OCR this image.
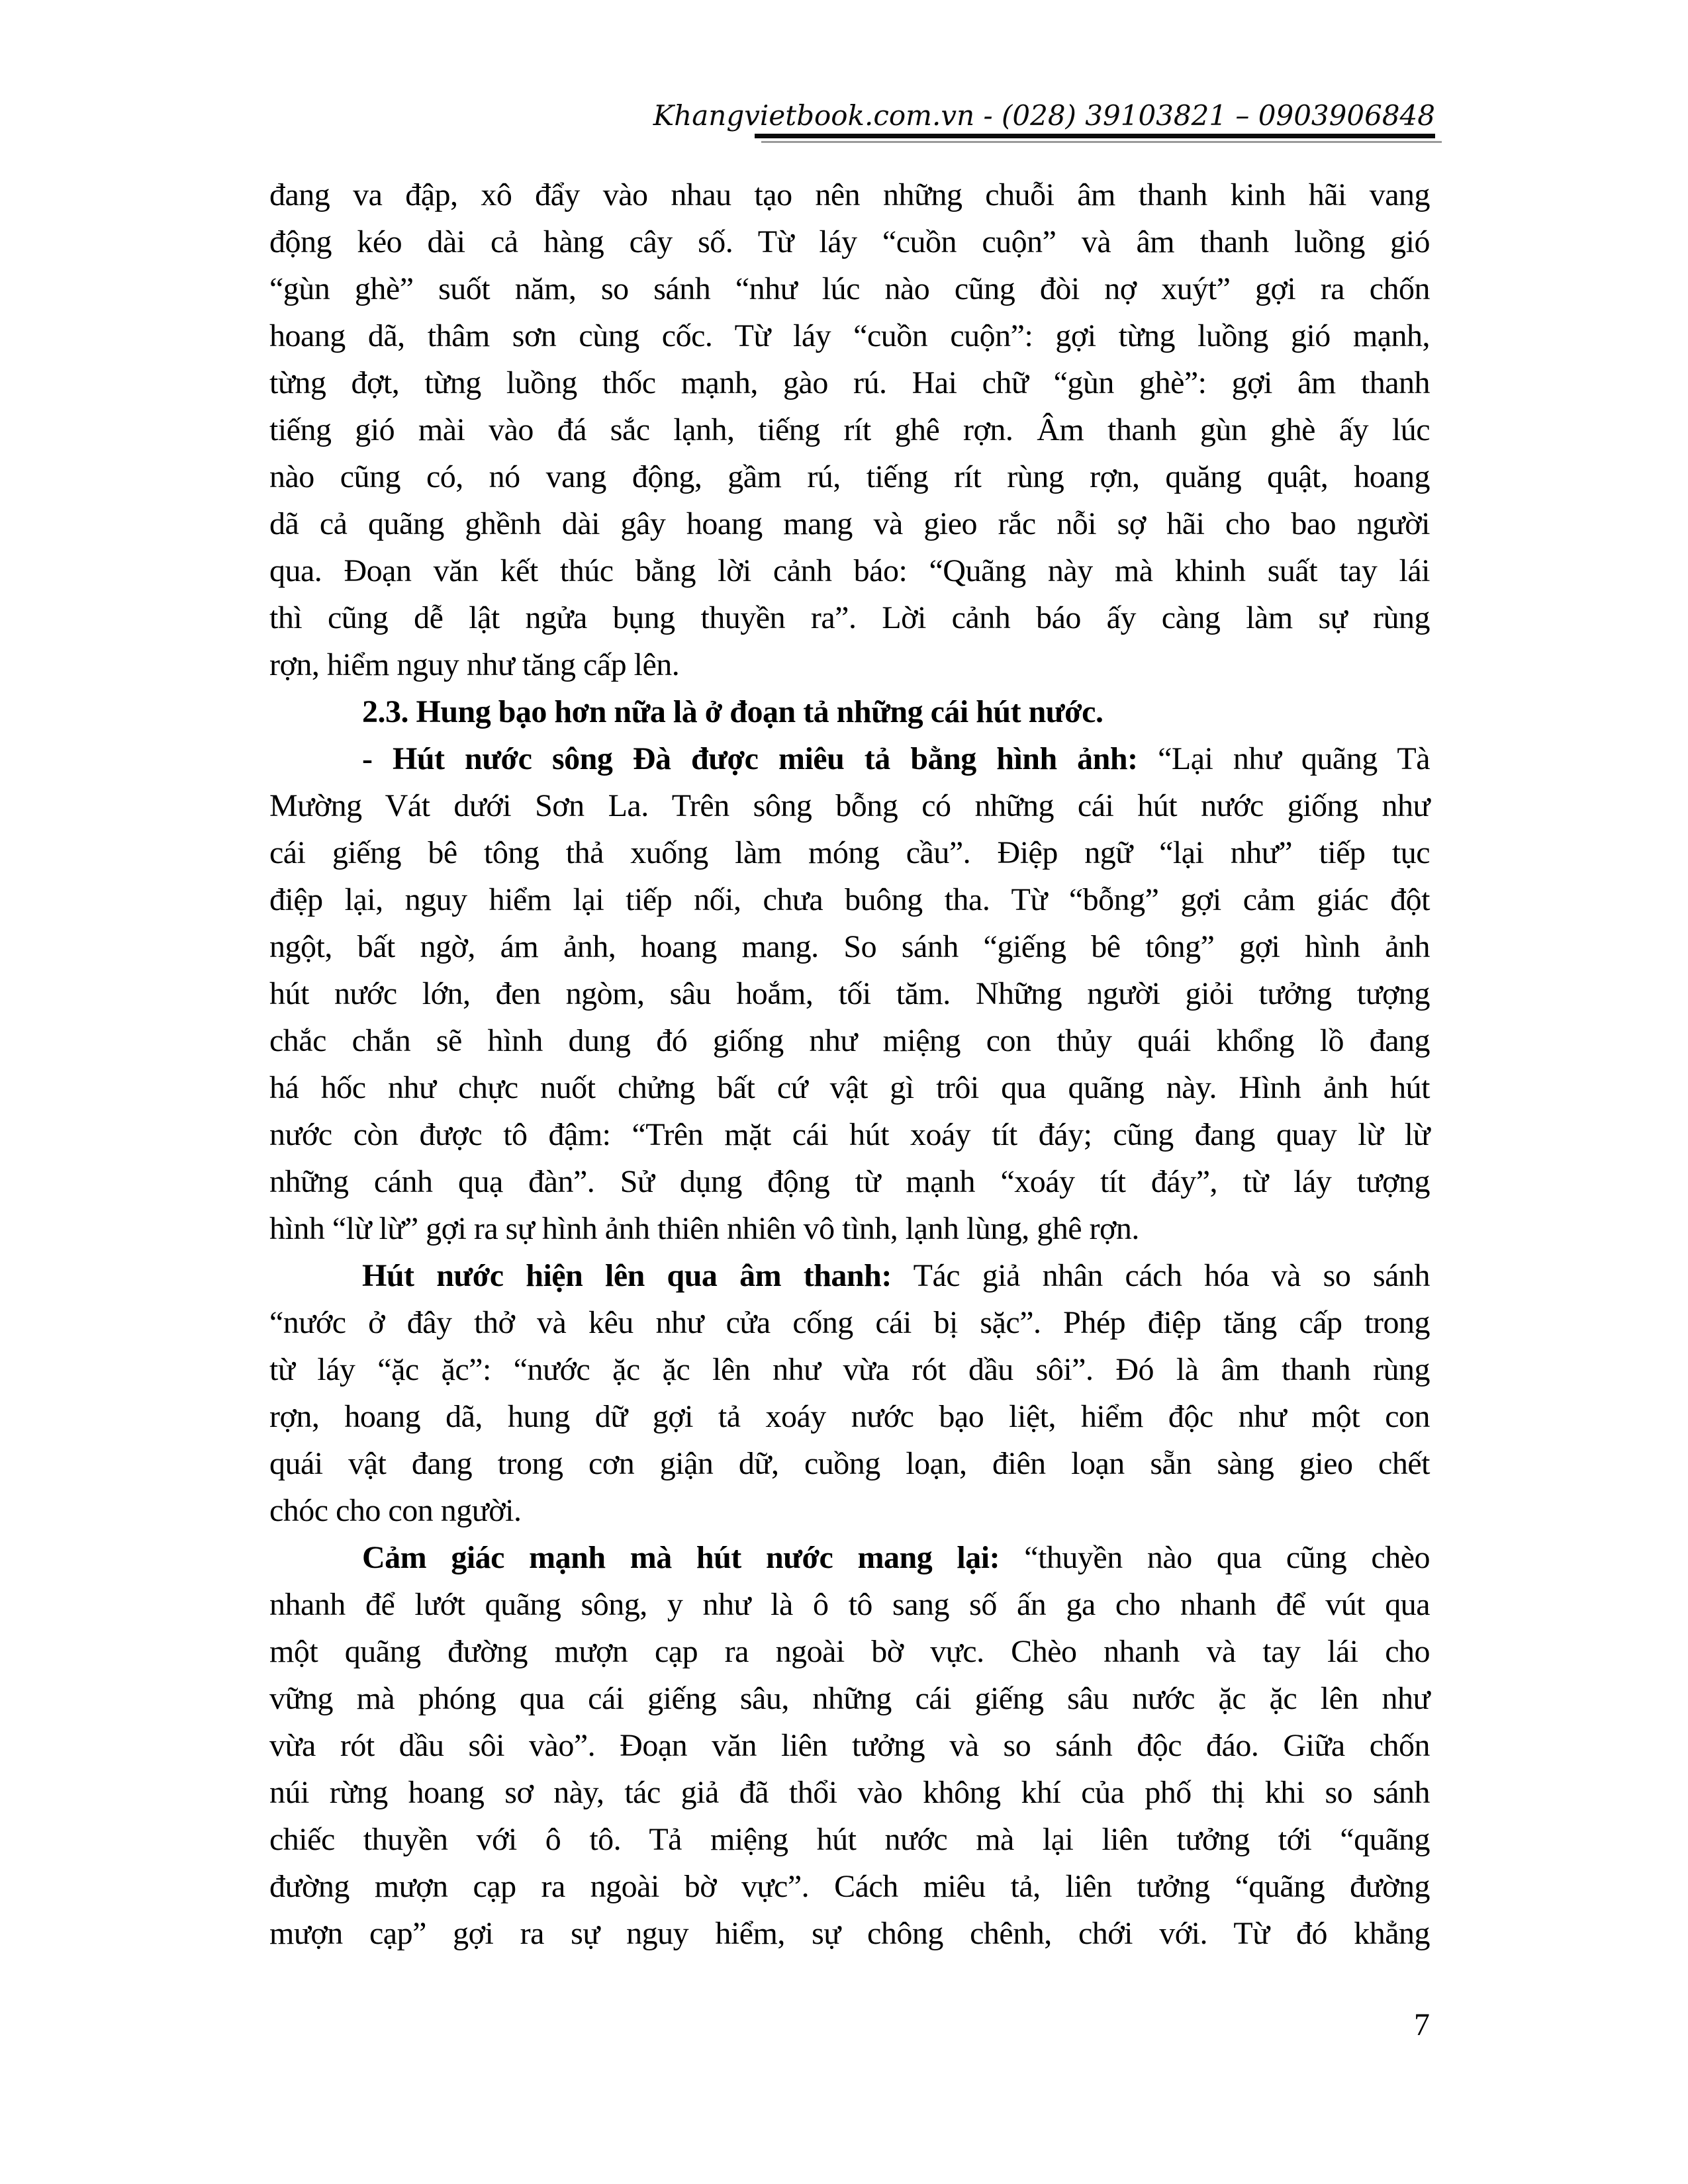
Khangvietbook.com.vn - (028) 39103821 – 0903906848
đang va đập, xô đẩy vào nhau tạo nên những chuỗi âm thanh kinh hãi vang
động kéo dài cả hàng cây số. Từ láy “cuồn cuộn” và âm thanh luồng gió
“gùn ghè” suốt năm, so sánh “như lúc nào cũng đòi nợ xuýt” gợi ra chốn
hoang dã, thâm sơn cùng cốc. Từ láy “cuồn cuộn”: gợi từng luồng gió mạnh,
từng đợt, từng luồng thốc mạnh, gào rú. Hai chữ “gùn ghè”: gợi âm thanh
tiếng gió mài vào đá sắc lạnh, tiếng rít ghê rợn. Âm thanh gùn ghè ấy lúc
nào cũng có, nó vang động, gầm rú, tiếng rít rùng rợn, quăng quật, hoang
dã cả quãng ghềnh dài gây hoang mang và gieo rắc nỗi sợ hãi cho bao người
qua. Đoạn văn kết thúc bằng lời cảnh báo: “Quãng này mà khinh suất tay lái
thì cũng dễ lật ngửa bụng thuyền ra”. Lời cảnh báo ấy càng làm sự rùng
rợn, hiểm nguy như tăng cấp lên.
2.3. Hung bạo hơn nữa là ở đoạn tả những cái hút nước.
- Hút nước sông Đà được miêu tả bằng hình ảnh: “Lại như quãng Tà
Mường Vát dưới Sơn La. Trên sông bỗng có những cái hút nước giống như
cái giếng bê tông thả xuống làm móng cầu”. Điệp ngữ “lại như” tiếp tục
điệp lại, nguy hiểm lại tiếp nối, chưa buông tha. Từ “bỗng” gợi cảm giác đột
ngột, bất ngờ, ám ảnh, hoang mang. So sánh “giếng bê tông” gợi hình ảnh
hút nước lớn, đen ngòm, sâu hoắm, tối tăm. Những người giỏi tưởng tượng
chắc chắn sẽ hình dung đó giống như miệng con thủy quái khổng lồ đang
há hốc như chực nuốt chửng bất cứ vật gì trôi qua quãng này. Hình ảnh hút
nước còn được tô đậm: “Trên mặt cái hút xoáy tít đáy; cũng đang quay lừ lừ
những cánh quạ đàn”. Sử dụng động từ mạnh “xoáy tít đáy”, từ láy tượng
hình “lừ lừ” gợi ra sự hình ảnh thiên nhiên vô tình, lạnh lùng, ghê rợn.
Hút nước hiện lên qua âm thanh: Tác giả nhân cách hóa và so sánh
“nước ở đây thở và kêu như cửa cống cái bị sặc”. Phép điệp tăng cấp trong
từ láy “ặc ặc”: “nước ặc ặc lên như vừa rót dầu sôi”. Đó là âm thanh rùng
rợn, hoang dã, hung dữ gợi tả xoáy nước bạo liệt, hiểm độc như một con
quái vật đang trong cơn giận dữ, cuồng loạn, điên loạn sẵn sàng gieo chết
chóc cho con người.
Cảm giác mạnh mà hút nước mang lại: “thuyền nào qua cũng chèo
nhanh để lướt quãng sông, y như là ô tô sang số ấn ga cho nhanh để vút qua
một quãng đường mượn cạp ra ngoài bờ vực. Chèo nhanh và tay lái cho
vững mà phóng qua cái giếng sâu, những cái giếng sâu nước ặc ặc lên như
vừa rót dầu sôi vào”. Đoạn văn liên tưởng và so sánh độc đáo. Giữa chốn
núi rừng hoang sơ này, tác giả đã thổi vào không khí của phố thị khi so sánh
chiếc thuyền với ô tô. Tả miệng hút nước mà lại liên tưởng tới “quãng
đường mượn cạp ra ngoài bờ vực”. Cách miêu tả, liên tưởng “quãng đường
mượn cạp” gợi ra sự nguy hiểm, sự chông chênh, chới với. Từ đó khẳng
7
